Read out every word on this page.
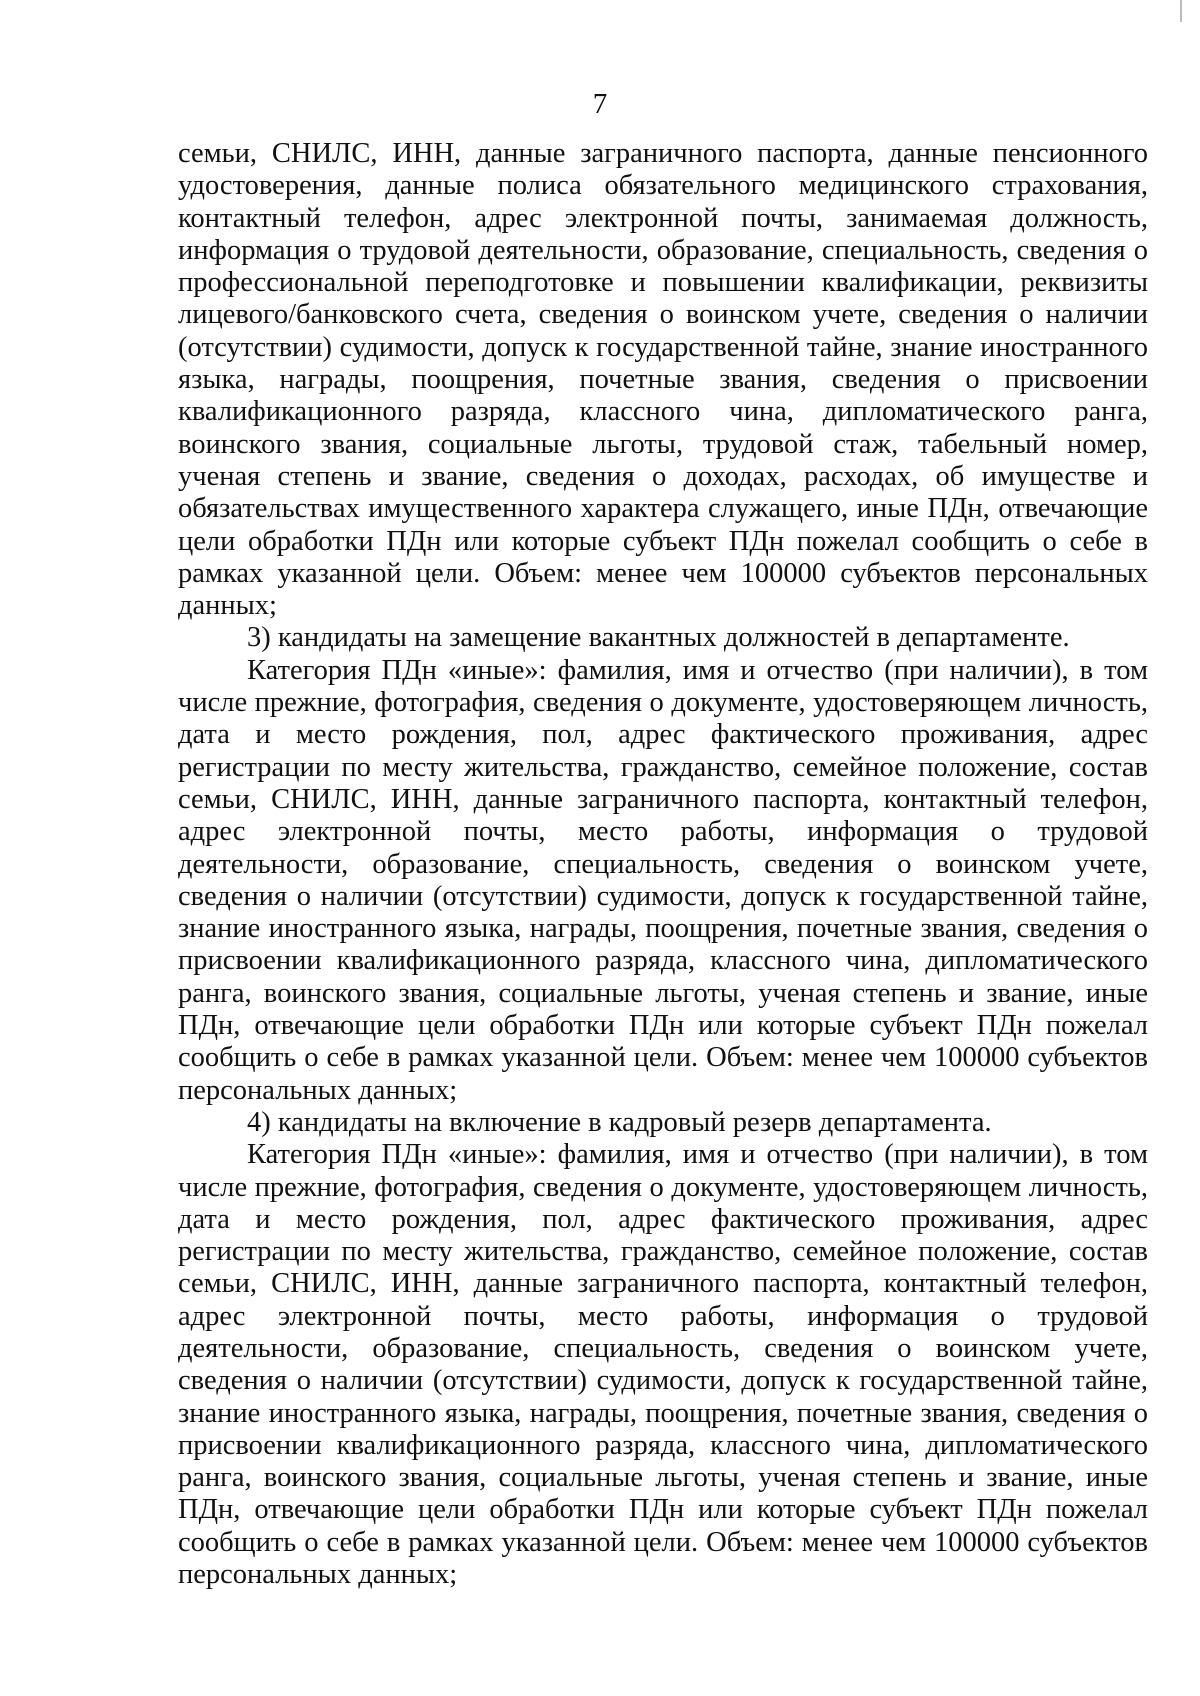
7

семьи, СНИЛС, ИНН, данные заграничного паспорта, данные пенсионного удостоверения, данные полиса обязательного медицинского страхования, контактный телефон, адрес электронной почты, занимаемая должность, информация о трудовой деятельности, образование, специальность, сведения о профессиональной переподготовке и повышении квалификации, реквизиты лицевого/банковского счета, сведения о воинском учете, сведения о наличии (отсутствии) судимости, допуск к государственной тайне, знание иностранного языка, награды, поощрения, почетные звания, сведения о присвоении квалификационного разряда, классного чина, дипломатического ранга, воинского звания, социальные льготы, трудовой стаж, табельный номер, ученая степень и звание, сведения о доходах, расходах, об имуществе и обязательствах имущественного характера служащего, иные ПДн, отвечающие цели обработки ПДн или которые субъект ПДн пожелал сообщить о себе в рамках указанной цели. Объем: менее чем 100000 субъектов персональных данных;

3) кандидаты на замещение вакантных должностей в департаменте.

Категория ПДн «иные»: фамилия, имя и отчество (при наличии), в том числе прежние, фотография, сведения о документе, удостоверяющем личность, дата и место рождения, пол, адрес фактического проживания, адрес регистрации по месту жительства, гражданство, семейное положение, состав семьи, СНИЛС, ИНН, данные заграничного паспорта, контактный телефон, адрес электронной почты, место работы, информация о трудовой деятельности, образование, специальность, сведения о воинском учете, сведения о наличии (отсутствии) судимости, допуск к государственной тайне, знание иностранного языка, награды, поощрения, почетные звания, сведения о присвоении квалификационного разряда, классного чина, дипломатического ранга, воинского звания, социальные льготы, ученая степень и звание, иные ПДн, отвечающие цели обработки ПДн или которые субъект ПДн пожелал сообщить о себе в рамках указанной цели. Объем: менее чем 100000 субъектов персональных данных;

4) кандидаты на включение в кадровый резерв департамента.

Категория ПДн «иные»: фамилия, имя и отчество (при наличии), в том числе прежние, фотография, сведения о документе, удостоверяющем личность, дата и место рождения, пол, адрес фактического проживания, адрес регистрации по месту жительства, гражданство, семейное положение, состав семьи, СНИЛС, ИНН, данные заграничного паспорта, контактный телефон, адрес электронной почты, место работы, информация о трудовой деятельности, образование, специальность, сведения о воинском учете, сведения о наличии (отсутствии) судимости, допуск к государственной тайне, знание иностранного языка, награды, поощрения, почетные звания, сведения о присвоении квалификационного разряда, классного чина, дипломатического ранга, воинского звания, социальные льготы, ученая степень и звание, иные ПДн, отвечающие цели обработки ПДн или которые субъект ПДн пожелал сообщить о себе в рамках указанной цели. Объем: менее чем 100000 субъектов персональных данных;
